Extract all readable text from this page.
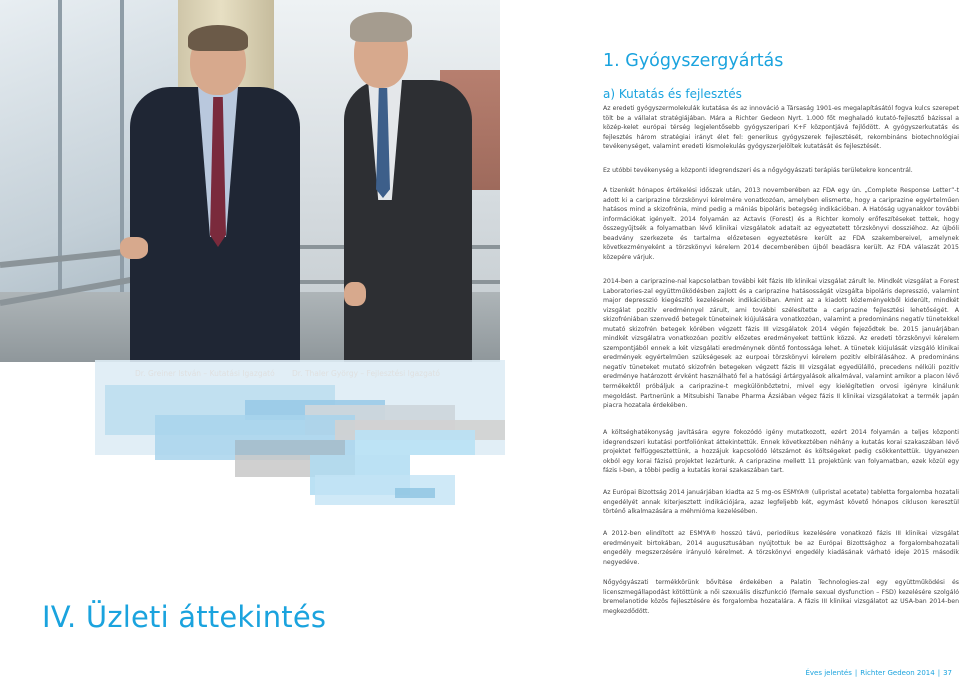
IV. Üzleti áttekintés
1. Gyógyszergyártás
a) Kutatás és fejlesztés
Az eredeti gyógyszermolekulák kutatása és az innováció a Társaság 1901-es megalapításától fogva kulcs szerepet tölt be a vállalat stratégiájában. Mára a Richter Gedeon Nyrt. 1.000 főt meghaladó kutató-fejlesztő bázissal a közép-kelet európai térség legjelentősebb gyógyszeripari K+F központjává fejlődött. A gyógyszerkutatás és fejlesztés három stratégiai irányt élet fel: generikus gyógyszerek fejlesztését, rekombináns biotechnológiai tevékenységet, valamint eredeti kismolekulás gyógyszerjelöltek kutatását és fejlesztését.
Ez utóbbi tevékenység a központi idegrendszeri és a nőgyógyászati terápiás területekre koncentrál.
A tizenkét hónapos értékelési időszak után, 2013 novemberében az FDA egy ún. „Complete Response Letter”-t adott ki a cariprazine törzskönyvi kérelmére vonatkozóan, amelyben elismerte, hogy a cariprazine egyértelműen hatásos mind a skizofrénia, mind pedig a mániás bipoláris betegség indikációban. A Hatóság ugyanakkor további információkat igényelt. 2014 folyamán az Actavis (Forest) és a Richter komoly erőfeszítéseket tettek, hogy összegyűjtsék a folyamatban lévő klinikai vizsgálatok adatait az egyeztetett törzskönyvi dossziéhoz. Az újbóli beadvány szerkezete és tartalma előzetesen egyeztetésre került az FDA szakembereivel, amelynek következményeként a törzskönyvi kérelem 2014 decemberében újból beadásra került. Az FDA válaszát 2015 közepére várjuk.
2014-ben a cariprazine-nal kapcsolatban további két fázis IIb klinikai vizsgálat zárult le. Mindkét vizsgálat a Forest Laboratories-zal együttműködésben zajlott és a cariprazine hatásosságát vizsgálta bipoláris depresszió, valamint major depresszió kiegészítő kezelésének indikációiban. Amint az a kiadott közleményekből kiderült, mindkét vizsgálat pozitív eredménnyel zárult, ami további szélesítette a cariprazine fejlesztési lehetőségét. A skizofréniában szenvedő betegek tüneteinek kiújulására vonatkozóan, valamint a predomináns negatív tünetekkel mutató skizofrén betegek körében végzett fázis III vizsgálatok 2014 végén fejeződtek be. 2015 januárjában mindkét vizsgálatra vonatkozóan pozitív előzetes eredményeket tettünk közzé. Az eredeti törzskönyvi kérelem szempontjából ennek a két vizsgálati eredménynek döntő fontossága lehet. A tünetek kiújulását vizsgáló klinikai eredmények egyértelműen szükségesek az eurpoai törzskönyvi kérelem pozitív elbírálásához. A predomináns negatív tüneteket mutató skizofrén betegeken végzett fázis III vizsgálat egyedülálló, precedens nélküli pozitív eredménye határozott érvként használható fel a hatósági ártárgyalások alkalmával, valamint amikor a placon lévő termékektől próbáljuk a cariprazine-t megkülönböztetni, mivel egy kielégítetlen orvosi igényre kínálunk megoldást. Partnerünk a Mitsubishi Tanabe Pharma Ázsiában végez fázis II klinikai vizsgálatokat a termék japán piacra hozatala érdekében.
A költséghatékonyság javítására egyre fokozódó igény mutatkozott, ezért 2014 folyamán a teljes központi idegrendszeri kutatási portfoliónkat áttekintettük. Ennek következtében néhány a kutatás korai szakaszában lévő projektet felfüggesztettünk, a hozzájuk kapcsolódó létszámot és költségeket pedig csökkentettük. Ugyanezen okból egy korai fázisú projektet lezártunk. A cariprazine mellett 11 projektünk van folyamatban, ezek közül egy fázis I-ben, a többi pedig a kutatás korai szakaszában tart.
Az Európai Bizottság 2014 januárjában kiadta az 5 mg-os ESMYA® (ulipristal acetate) tabletta forgalomba hozatali engedélyét annak kiterjesztett indikációjára, azaz legfeljebb két, egymást követő hónapos cikluson keresztül történő alkalmazására a méhmióma kezelésében.
A 2012-ben elindított az ESMYA® hosszú távú, periodikus kezelésére vonatkozó fázis III klinikai vizsgálat eredményeit birtokában, 2014 augusztusában nyújtottuk be az Európai Bizottsághoz a forgalombahozatali engedély megszerzésére irányuló kérelmet. A törzskönyvi engedély kiadásának várható ideje 2015 második negyedéve.
Nőgyógyászati termékkörünk bővítése érdekében a Palatin Technologies-zal egy együttműködési és licenszmegállapodást kötöttünk a női szexuális diszfunkció (female sexual dysfunction – FSD) kezelésére szolgáló bremelanotide közös fejlesztésére és forgalomba hozatalára. A fázis III klinikai vizsgálatot az USA-ban 2014-ben megkezdődött.
Éves jelentés | Richter Gedeon 2014 | 37
